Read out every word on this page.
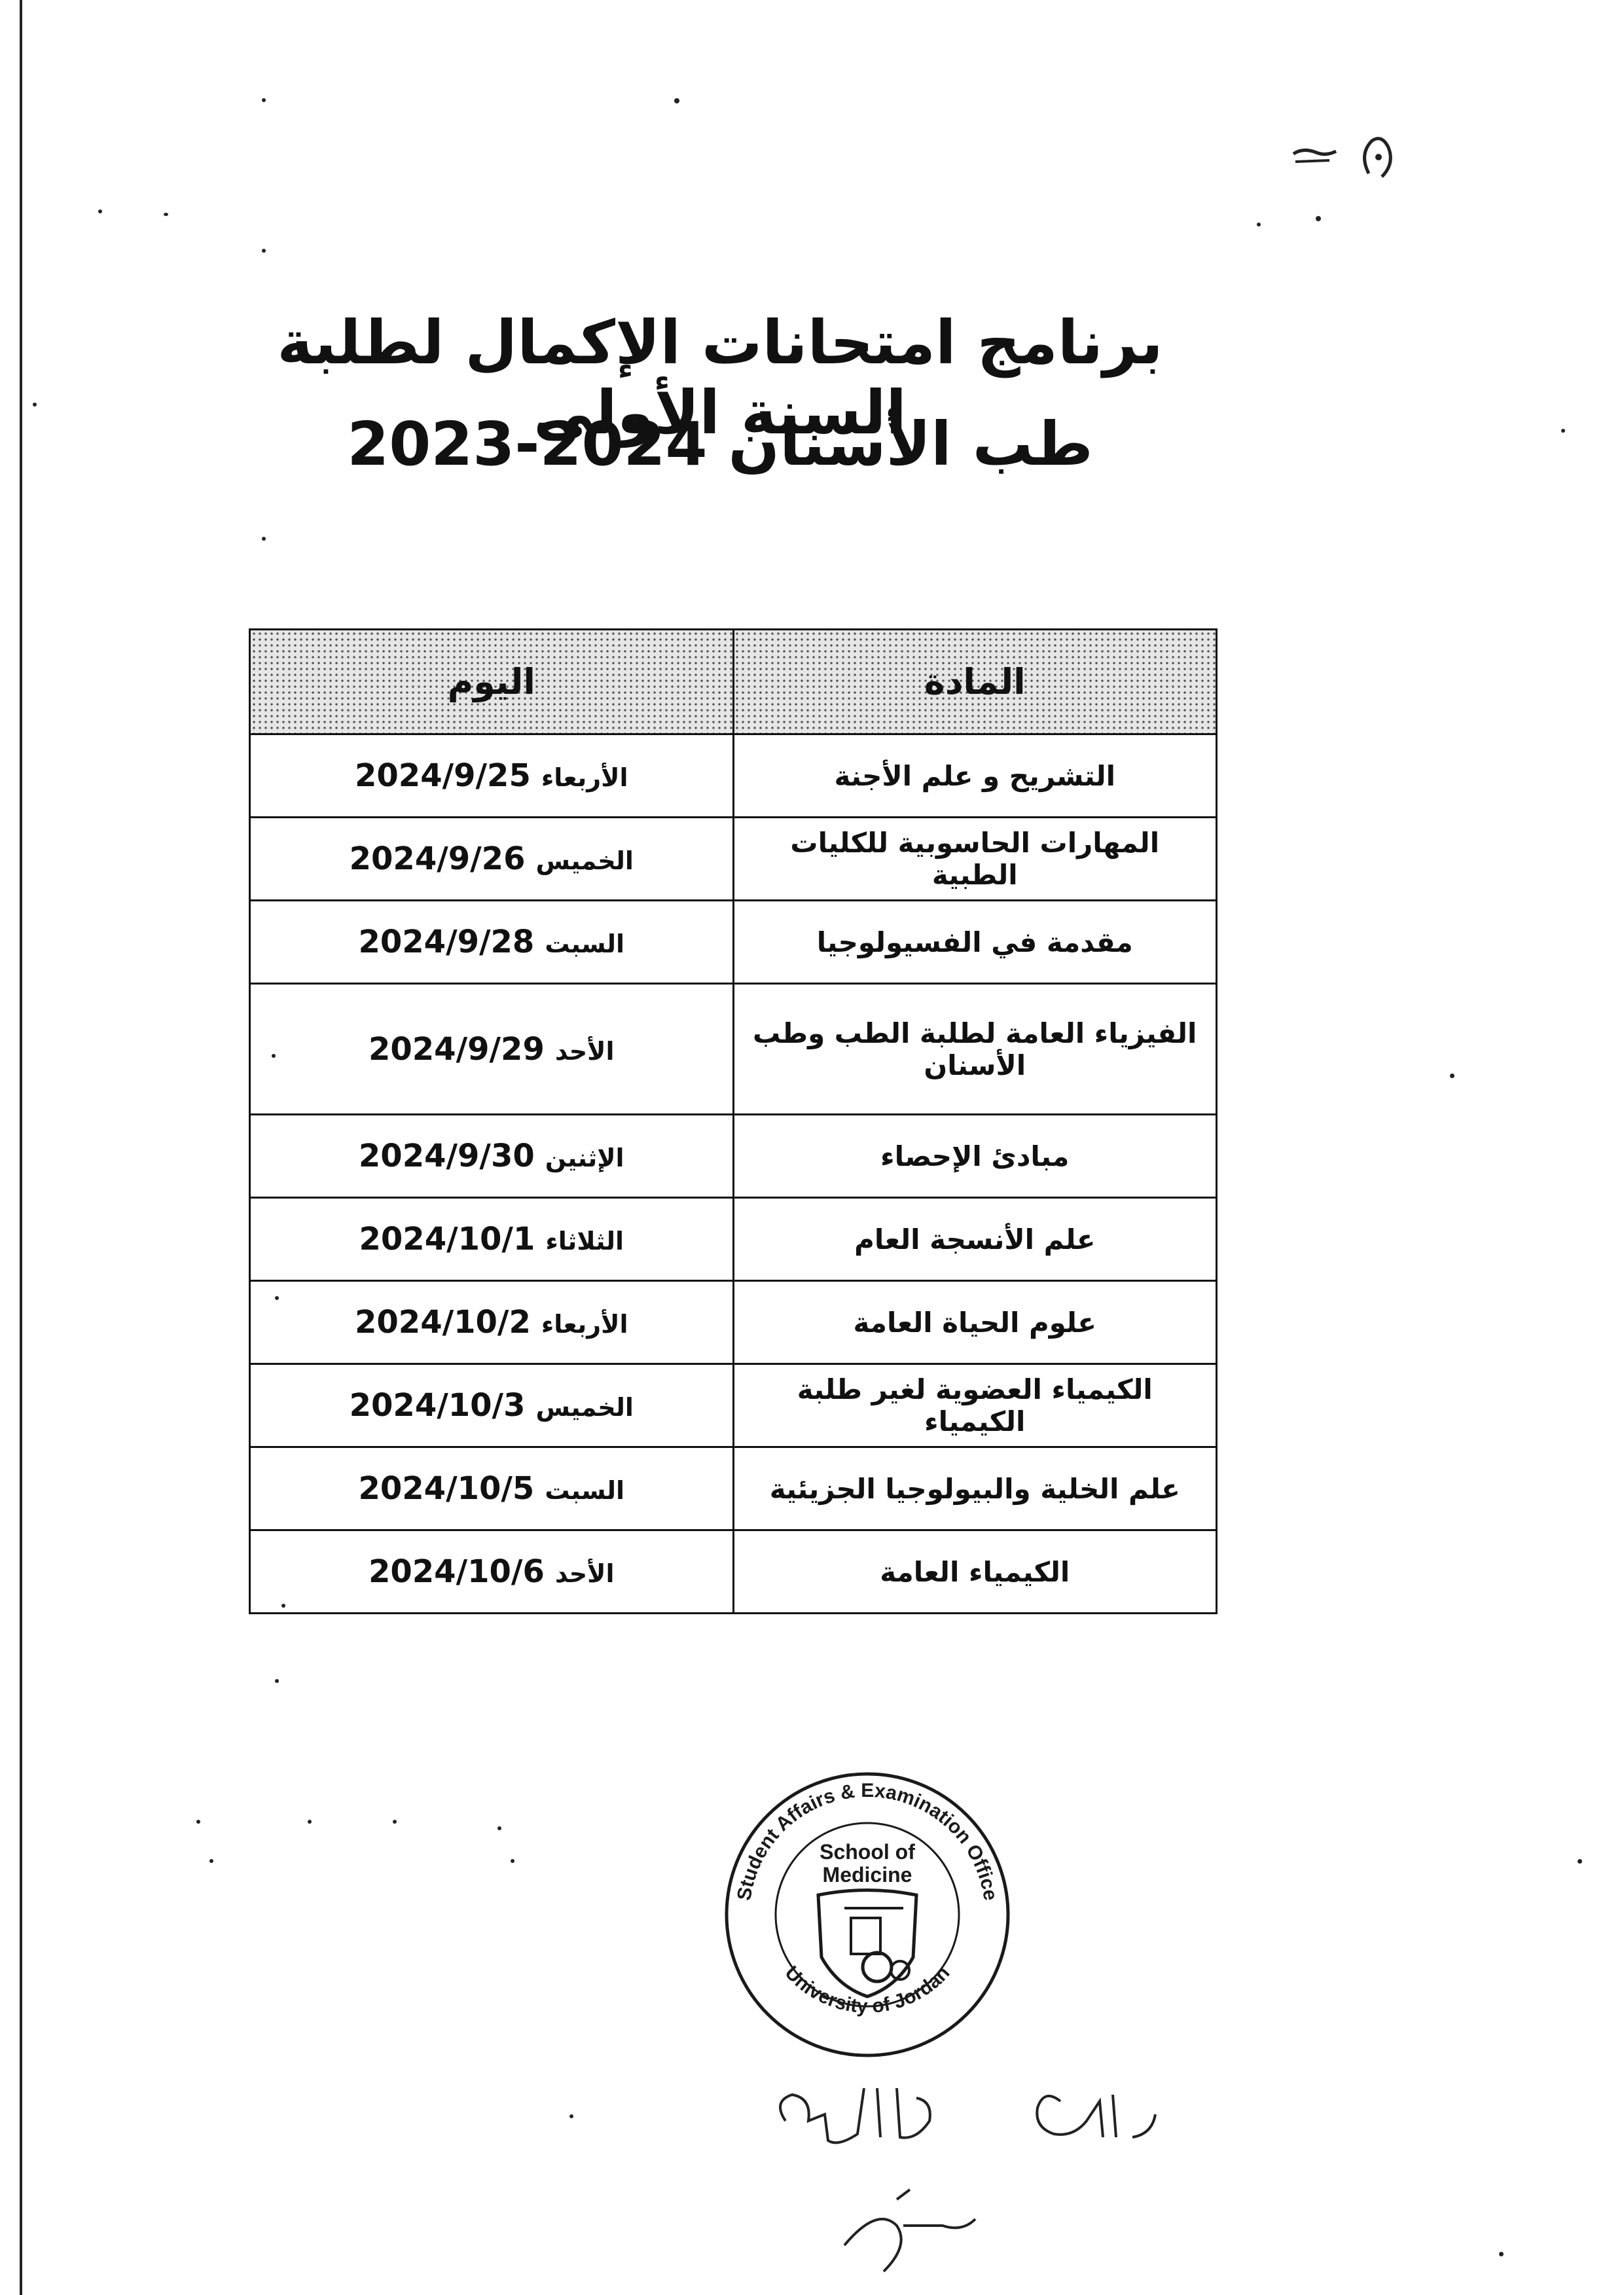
برنامج امتحانات الإكمال لطلبة السنة الأولى
طب الأسنان 2023-2024
المادة	اليوم
التشريح و علم الأجنة	الأربعاء2024/9/25
المهارات الحاسوبية للكليات الطبية	الخميس2024/9/26
مقدمة في الفسيولوجيا	السبت2024/9/28
الفيزياء العامة لطلبة الطب وطب الأسنان	الأحد2024/9/29
مبادئ الإحصاء	الإثنين2024/9/30
علم الأنسجة العام	الثلاثاء2024/10/1
علوم الحياة العامة	الأربعاء2024/10/2
الكيمياء العضوية لغير طلبة الكيمياء	الخميس2024/10/3
علم الخلية والبيولوجيا الجزيئية	السبت2024/10/5
الكيمياء العامة	الأحد2024/10/6
Student Affairs & Examination Office
University of Jordan
School of
Medicine
